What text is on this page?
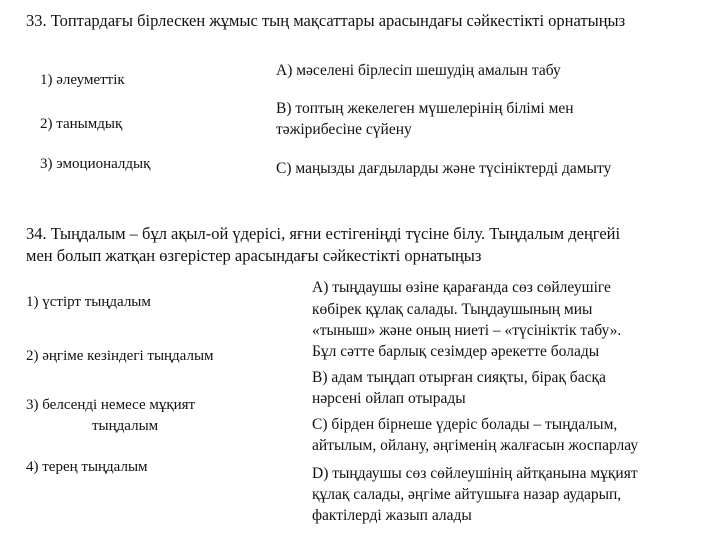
33. Топтардағы бірлескен жұмыс тың мақсаттары арасындағы сәйкестікті орнатыңыз
1) әлеуметтік
2) танымдық
3) эмоционалдық
А) мәселені бірлесіп шешудің амалын табу
В) топтың жекелеген мүшелерінің білімі мен
тәжірибесіне сүйену
С) маңызды дағдыларды және түсініктерді дамыту
34. Тыңдалым – бұл ақыл-ой үдерісі, яғни естігеніңді түсіне білу. Тыңдалым деңгейі
мен болып жатқан өзгерістер арасындағы сәйкестікті орнатыңыз
1) үстірт тыңдалым
2) әңгіме кезіндегі тыңдалым
3) белсенді немесе мұқият
тыңдалым
4) терең тыңдалым
А) тыңдаушы өзіне қарағанда сөз сөйлеушіге
көбірек құлақ салады. Тыңдаушының миы
«тыныш» және оның ниеті – «түсініктік табу».
Бұл сәтте барлық сезімдер әрекетте болады
В) адам тыңдап отырған сияқты, бірақ басқа
нәрсені ойлап отырады
С) бірден бірнеше үдеріс болады – тыңдалым,
айтылым, ойлану, әңгіменің жалғасын жоспарлау
D) тыңдаушы сөз сөйлеушінің айтқанына мұқият
құлақ салады, әңгіме айтушыға назар аударып,
фактілерді жазып алады
